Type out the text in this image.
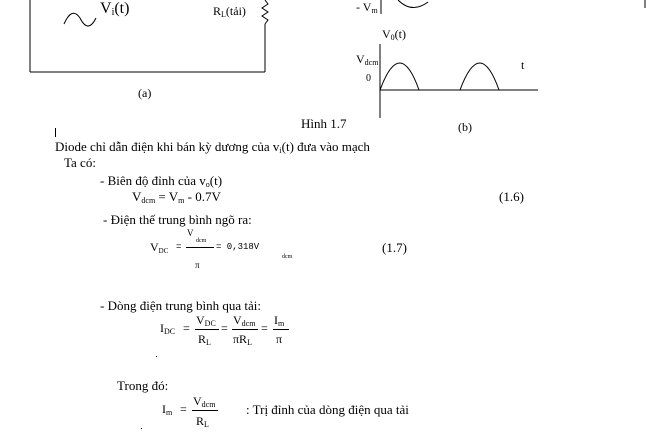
$V_i(t)$	$R_L(tải)$
(a)
- $V_m$
$V_0(t)$
$V_{dcm}$
0
t
(b)
Hình 1.7
Diode chỉ dẫn điện khi bán kỳ dương của $v_i(t)$ đưa vào mạch
Ta có:
- Biên độ đỉnh của $v_o(t)$
$V_{dcm} = V_m - 0.7V$	(1.6)
- Điện thế trung bình ngõ ra:
$V_{DC}$ =
V
dcm
π
= 0,318V
dcm
(1.7)
- Dòng điện trung bình qua tải:
$I_{DC}$ =
$V_{DC}$
$R_L$
=
$V_{dcm}$
$\pi R_L$
=
$I_m$
π
Trong đó:
$I_m$ =
$V_{dcm}$
$R_L$
: Trị đỉnh của dòng điện qua tải
